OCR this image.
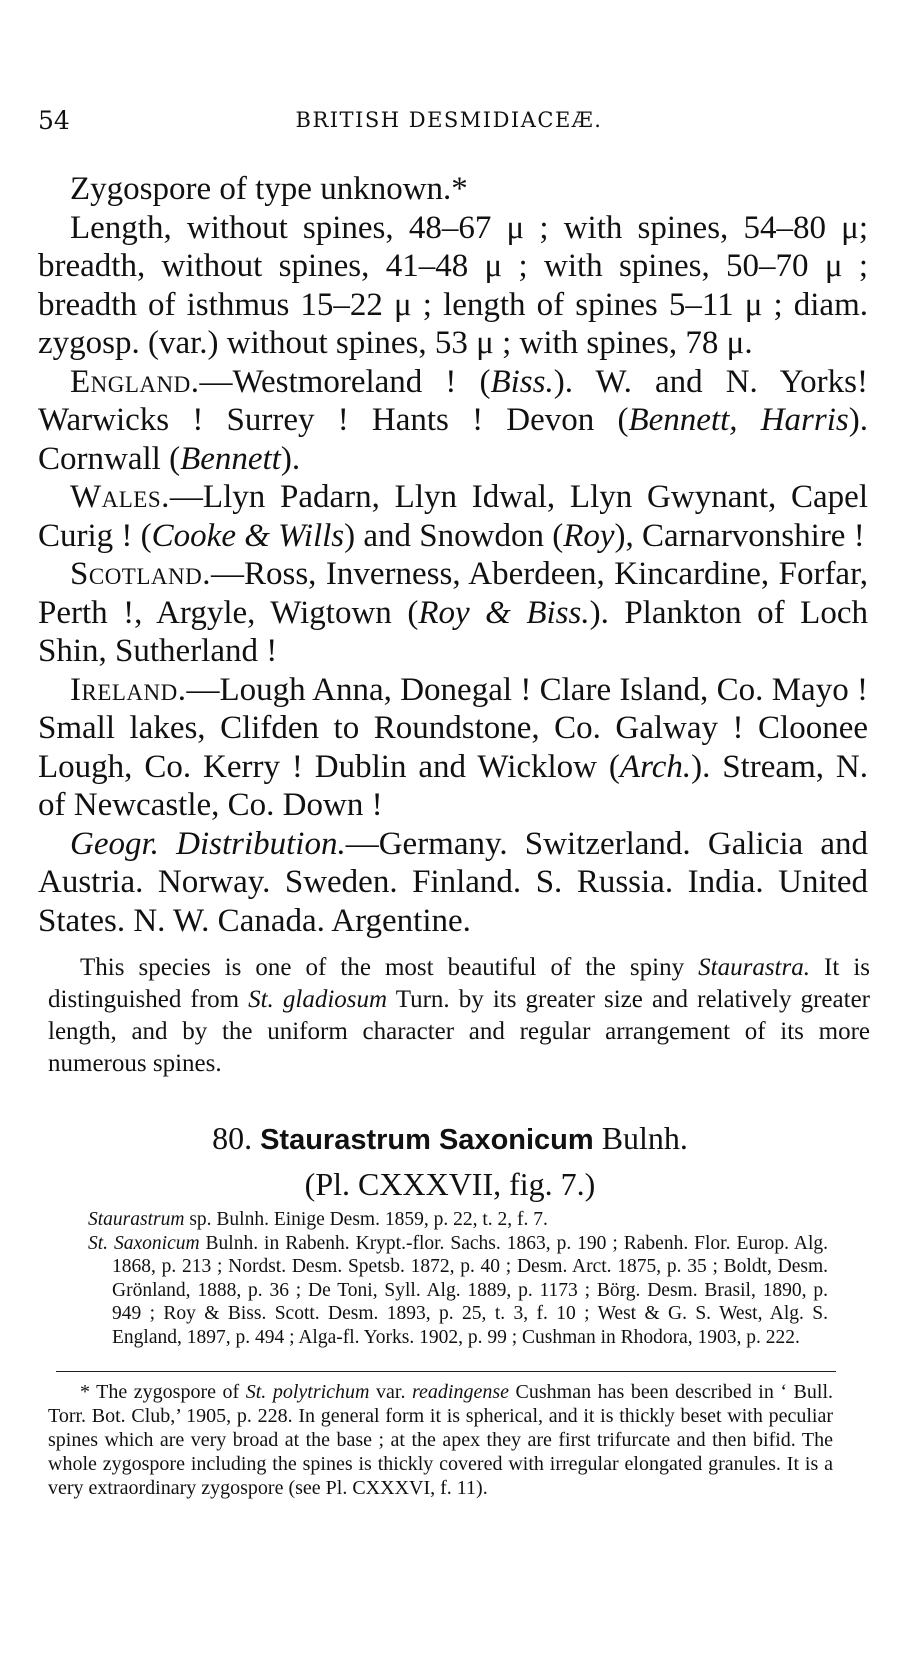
54	BRITISH DESMIDIACEÆ.

Zygospore of type unknown.*

Length, without spines, 48–67 μ ; with spines, 54–80 μ; breadth, without spines, 41–48 μ ; with spines, 50–70 μ ; breadth of isthmus 15–22 μ ; length of spines 5–11 μ ; diam. zygosp. (var.) without spines, 53 μ ; with spines, 78 μ.

England.—Westmoreland ! (Biss.). W. and N. Yorks! Warwicks ! Surrey ! Hants ! Devon (Bennett, Harris). Cornwall (Bennett).

Wales.—Llyn Padarn, Llyn Idwal, Llyn Gwynant, Capel Curig ! (Cooke & Wills) and Snowdon (Roy), Carnarvonshire !

Scotland.—Ross, Inverness, Aberdeen, Kincardine, Forfar, Perth !, Argyle, Wigtown (Roy & Biss.). Plankton of Loch Shin, Sutherland !

Ireland.—Lough Anna, Donegal ! Clare Island, Co. Mayo ! Small lakes, Clifden to Roundstone, Co. Galway ! Cloonee Lough, Co. Kerry ! Dublin and Wicklow (Arch.). Stream, N. of Newcastle, Co. Down !

Geogr. Distribution.—Germany. Switzerland. Galicia and Austria. Norway. Sweden. Finland. S. Russia. India. United States. N. W. Canada. Argentine.

This species is one of the most beautiful of the spiny Staurastra. It is distinguished from St. gladiosum Turn. by its greater size and relatively greater length, and by the uniform character and regular arrangement of its more numerous spines.

80. Staurastrum Saxonicum Bulnh.
(Pl. CXXXVII, fig. 7.)

Staurastrum sp. Bulnh. Einige Desm. 1859, p. 22, t. 2, f. 7.

St. Saxonicum Bulnh. in Rabenh. Krypt.-flor. Sachs. 1863, p. 190 ; Rabenh. Flor. Europ. Alg. 1868, p. 213 ; Nordst. Desm. Spetsb. 1872, p. 40 ; Desm. Arct. 1875, p. 35 ; Boldt, Desm. Grönland, 1888, p. 36 ; De Toni, Syll. Alg. 1889, p. 1173 ; Börg. Desm. Brasil, 1890, p. 949 ; Roy & Biss. Scott. Desm. 1893, p. 25, t. 3, f. 10 ; West & G. S. West, Alg. S. England, 1897, p. 494 ; Alga-fl. Yorks. 1902, p. 99 ; Cushman in Rhodora, 1903, p. 222.

* The zygospore of St. polytrichum var. readingense Cushman has been described in ‘ Bull. Torr. Bot. Club,’ 1905, p. 228. In general form it is spherical, and it is thickly beset with peculiar spines which are very broad at the base ; at the apex they are first trifurcate and then bifid. The whole zygospore including the spines is thickly covered with irregular elongated granules. It is a very extraordinary zygospore (see Pl. CXXXVI, f. 11).
